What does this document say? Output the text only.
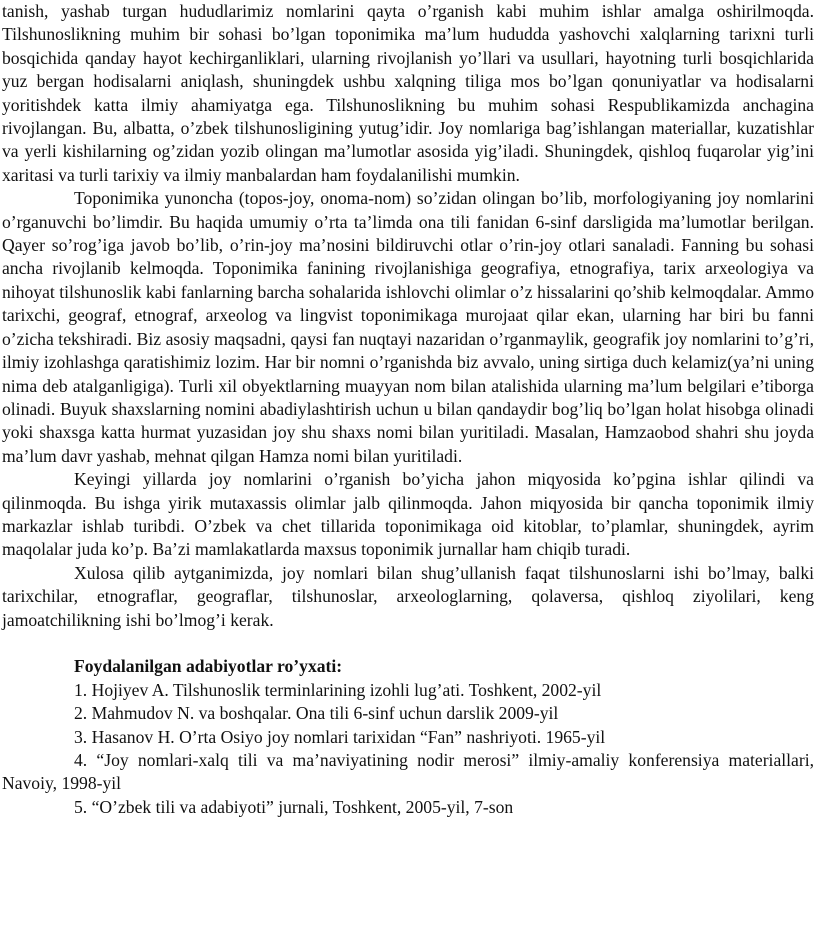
tanish, yashab turgan hududlarimiz nomlarini qayta o’rganish kabi muhim ishlar amalga oshirilmoqda. Tilshunoslikning muhim bir sohasi bo’lgan toponimika ma’lum hududda yashovchi xalqlarning tarixni turli bosqichida qanday hayot kechirganliklari, ularning rivojlanish yo’llari va usullari, hayotning turli bosqichlarida yuz bergan hodisalarni aniqlash, shuningdek ushbu xalqning tiliga mos bo’lgan qonuniyatlar va hodisalarni yoritishdek katta ilmiy ahamiyatga ega. Tilshunoslikning bu muhim sohasi Respublikamizda anchagina rivojlangan. Bu, albatta, o’zbek tilshunosligining yutug’idir. Joy nomlariga bag’ishlangan materiallar, kuzatishlar va yerli kishilarning og’zidan yozib olingan ma’lumotlar asosida yig’iladi. Shuningdek, qishloq fuqarolar yig’ini xaritasi va turli tarixiy va ilmiy manbalardan ham foydalanilishi mumkin.

Toponimika yunoncha (topos-joy, onoma-nom) so’zidan olingan bo’lib, morfologiyaning joy nomlarini o’rganuvchi bo’limdir. Bu haqida umumiy o’rta ta’limda ona tili fanidan 6-sinf darsligida ma’lumotlar berilgan. Qayer so’rog’iga javob bo’lib, o’rin-joy ma’nosini bildiruvchi otlar o’rin-joy otlari sanaladi. Fanning bu sohasi ancha rivojlanib kelmoqda. Toponimika fanining rivojlanishiga geografiya, etnografiya, tarix arxeologiya va nihoyat tilshunoslik kabi fanlarning barcha sohalarida ishlovchi olimlar o’z hissalarini qo’shib kelmoqdalar. Ammo tarixchi, geograf, etnograf, arxeolog va lingvist toponimikaga murojaat qilar ekan, ularning har biri bu fanni o’zicha tekshiradi. Biz asosiy maqsadni, qaysi fan nuqtayi nazaridan o’rganmaylik, geografik joy nomlarini to’g’ri, ilmiy izohlashga qaratishimiz lozim. Har bir nomni o’rganishda biz avvalo, uning sirtiga duch kelamiz(ya’ni uning nima deb atalganligiga). Turli xil obyektlarning muayyan nom bilan atalishida ularning ma’lum belgilari e’tiborga olinadi. Buyuk shaxslarning nomini abadiylashtirish uchun u bilan qandaydir bog’liq bo’lgan holat hisobga olinadi yoki shaxsga katta hurmat yuzasidan joy shu shaxs nomi bilan yuritiladi. Masalan, Hamzaobod shahri shu joyda ma’lum davr yashab, mehnat qilgan Hamza nomi bilan yuritiladi.

Keyingi yillarda joy nomlarini o’rganish bo’yicha jahon miqyosida ko’pgina ishlar qilindi va qilinmoqda. Bu ishga yirik mutaxassis olimlar jalb qilinmoqda. Jahon miqyosida bir qancha toponimik ilmiy markazlar ishlab turibdi. O’zbek va chet tillarida toponimikaga oid kitoblar, to’plamlar, shuningdek, ayrim maqolalar juda ko’p. Ba’zi mamlakatlarda maxsus toponimik jurnallar ham chiqib turadi.

Xulosa qilib aytganimizda, joy nomlari bilan shug’ullanish faqat tilshunoslarni ishi bo’lmay, balki tarixchilar, etnograflar, geograflar, tilshunoslar, arxeologlarning, qolaversa, qishloq ziyolilari, keng jamoatchilikning ishi bo’lmog’i kerak.

Foydalanilgan adabiyotlar ro’yxati:

1. Hojiyev A. Tilshunoslik terminlarining izohli lug’ati. Toshkent, 2002-yil
2. Mahmudov N. va boshqalar. Ona tili 6-sinf uchun darslik 2009-yil
3. Hasanov H. O’rta Osiyo joy nomlari tarixidan “Fan” nashriyoti. 1965-yil
4. “Joy nomlari-xalq tili va ma’naviyatining nodir merosi” ilmiy-amaliy konferensiya materiallari, Navoiy, 1998-yil
5. “O’zbek tili va adabiyoti” jurnali, Toshkent, 2005-yil, 7-son
